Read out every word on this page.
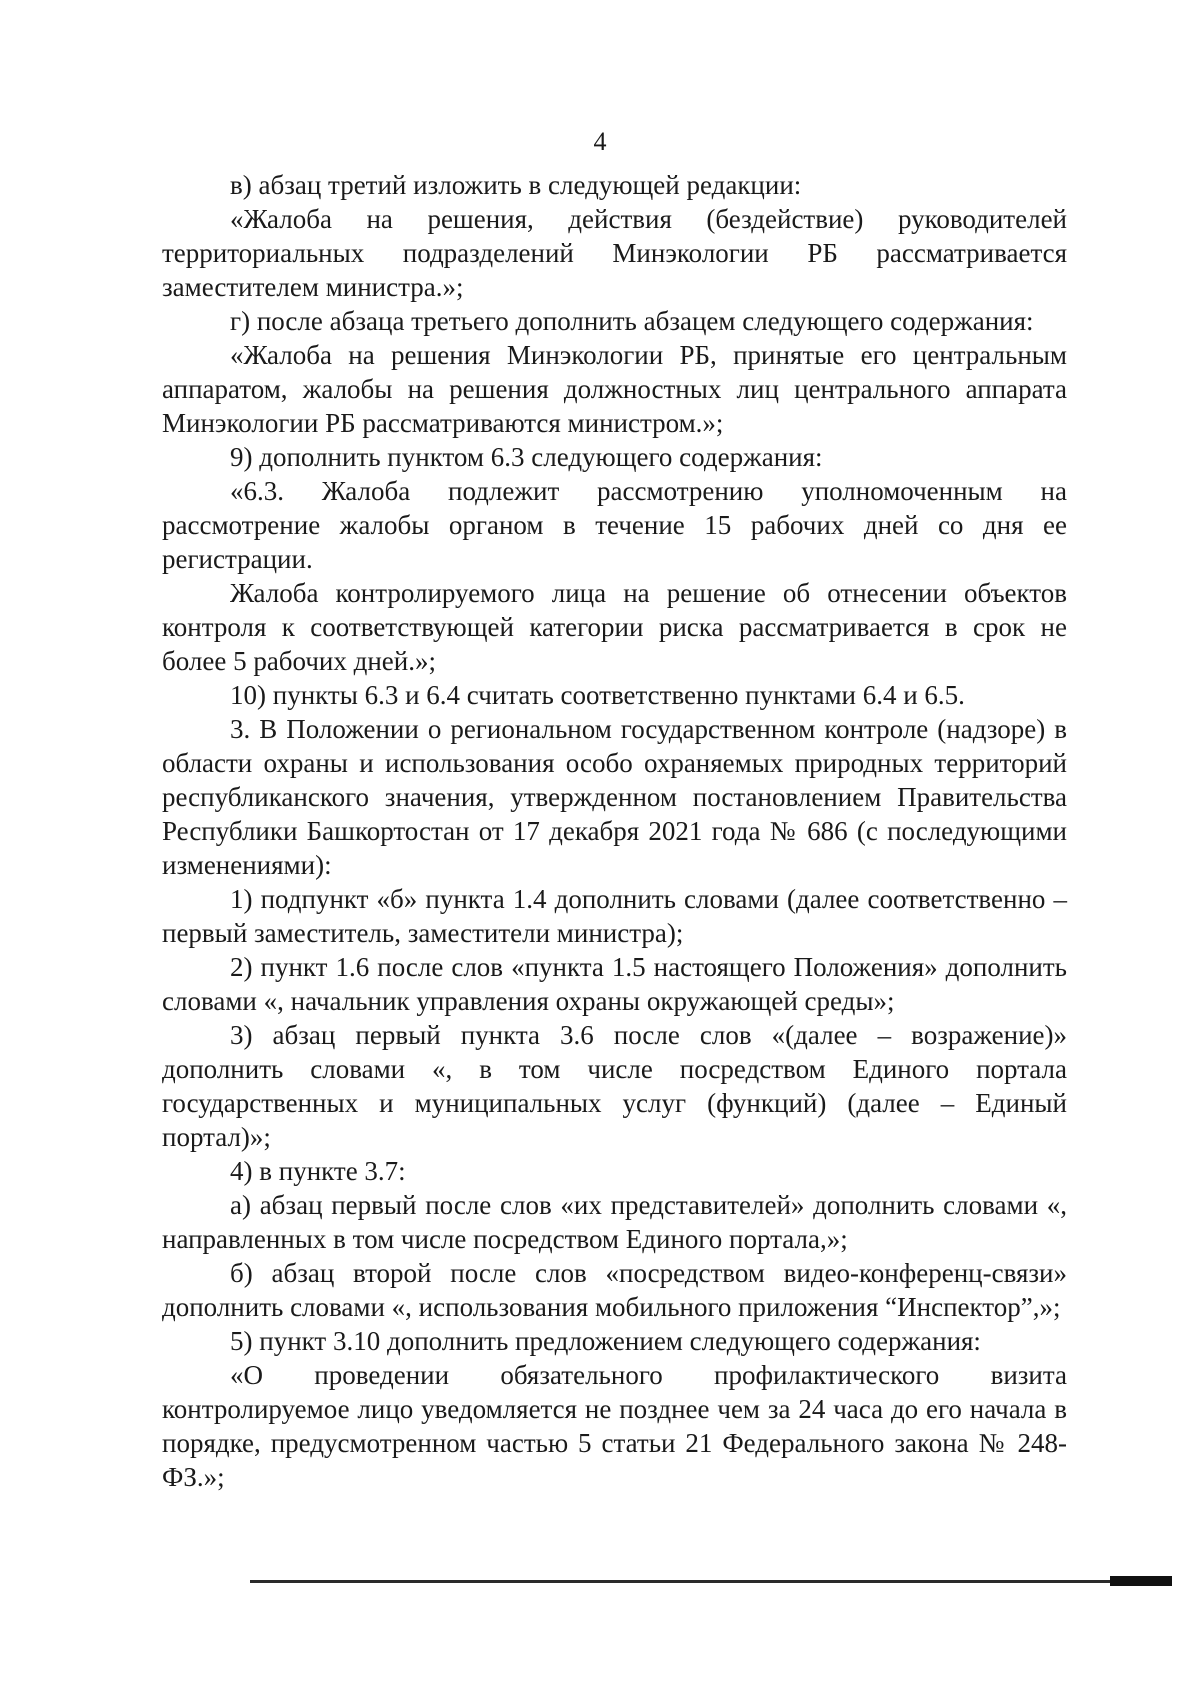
4

в) абзац третий изложить в следующей редакции:

«Жалоба на решения, действия (бездействие) руководителей территориальных подразделений Минэкологии РБ рассматривается заместителем министра.»;

г) после абзаца третьего дополнить абзацем следующего содержания:

«Жалоба на решения Минэкологии РБ, принятые его центральным аппаратом, жалобы на решения должностных лиц центрального аппарата Минэкологии РБ рассматриваются министром.»;

9) дополнить пунктом 6.3 следующего содержания:

«6.3. Жалоба подлежит рассмотрению уполномоченным на рассмотрение жалобы органом в течение 15 рабочих дней со дня ее регистрации.

Жалоба контролируемого лица на решение об отнесении объектов контроля к соответствующей категории риска рассматривается в срок не более 5 рабочих дней.»;

10) пункты 6.3 и 6.4 считать соответственно пунктами 6.4 и 6.5.

3. В Положении о региональном государственном контроле (надзоре) в области охраны и использования особо охраняемых природных территорий республиканского значения, утвержденном постановлением Правительства Республики Башкортостан от 17 декабря 2021 года № 686 (с последующими изменениями):

1) подпункт «б» пункта 1.4 дополнить словами (далее соответственно – первый заместитель, заместители министра);

2) пункт 1.6 после слов «пункта 1.5 настоящего Положения» дополнить словами «, начальник управления охраны окружающей среды»;

3) абзац первый пункта 3.6 после слов «(далее – возражение)» дополнить словами «, в том числе посредством Единого портала государственных и муниципальных услуг (функций) (далее – Единый портал)»;

4) в пункте 3.7:

а) абзац первый после слов «их представителей» дополнить словами «, направленных в том числе посредством Единого портала,»;

б) абзац второй после слов «посредством видео-конференц-связи» дополнить словами «, использования мобильного приложения “Инспектор”,»;

5) пункт 3.10 дополнить предложением следующего содержания:

«О проведении обязательного профилактического визита контролируемое лицо уведомляется не позднее чем за 24 часа до его начала в порядке, предусмотренном частью 5 статьи 21 Федерального закона № 248-ФЗ.»;
